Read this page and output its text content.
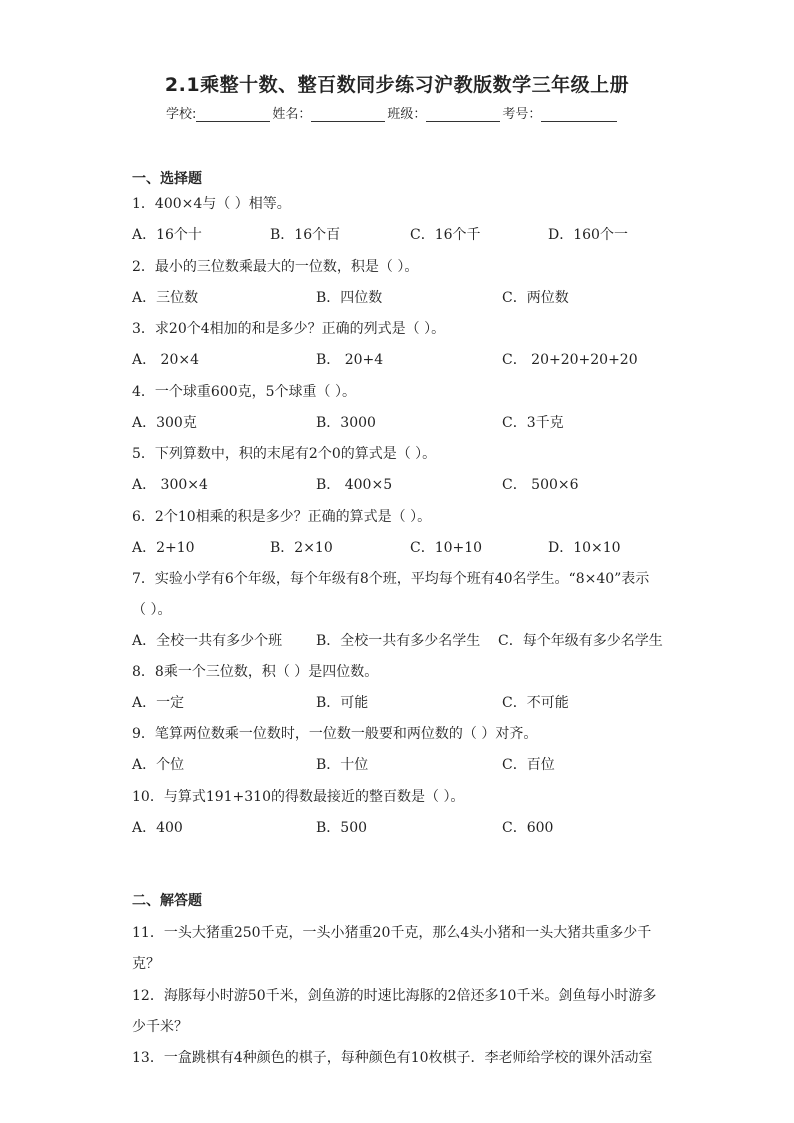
2.1乘整十数、整百数同步练习沪教版数学三年级上册
学校:	姓名：	班级：	考号：
一、选择题
1．400×4与（ ）相等。
A．16个十	B．16个百	C．16个千	D．160个一
2．最小的三位数乘最大的一位数，积是（ ）。
A．三位数	B．四位数	C．两位数
3．求20个4相加的和是多少？正确的列式是（ ）。
A． 20×4	B． 20+4	C． 20+20+20+20
4．一个球重600克，5个球重（ ）。
A．300克	B．3000	C．3千克
5．下列算数中，积的末尾有2个0的算式是（ ）。
A． 300×4	B． 400×5	C． 500×6
6．2个10相乘的积是多少？正确的算式是（ ）。
A．2+10	B．2×10	C．10+10	D．10×10
7．实验小学有6个年级，每个年级有8个班，平均每个班有40名学生。“8×40”表示
（ ）。
A．全校一共有多少个班 B．全校一共有多少名学生 C．每个年级有多少名学生
8．8乘一个三位数，积（ ）是四位数。
A．一定	B．可能	C．不可能
9．笔算两位数乘一位数时，一位数一般要和两位数的（ ）对齐。
A．个位	B．十位	C．百位
10．与算式191+310的得数最接近的整百数是（ ）。
A．400	B．500	C．600
二、解答题
11．一头大猪重250千克，一头小猪重20千克，那么4头小猪和一头大猪共重多少千
克？
12．海豚每小时游50千米，剑鱼游的时速比海豚的2倍还多10千米。剑鱼每小时游多
少千米？
13．一盒跳棋有4种颜色的棋子，每种颜色有10枚棋子．李老师给学校的课外活动室
